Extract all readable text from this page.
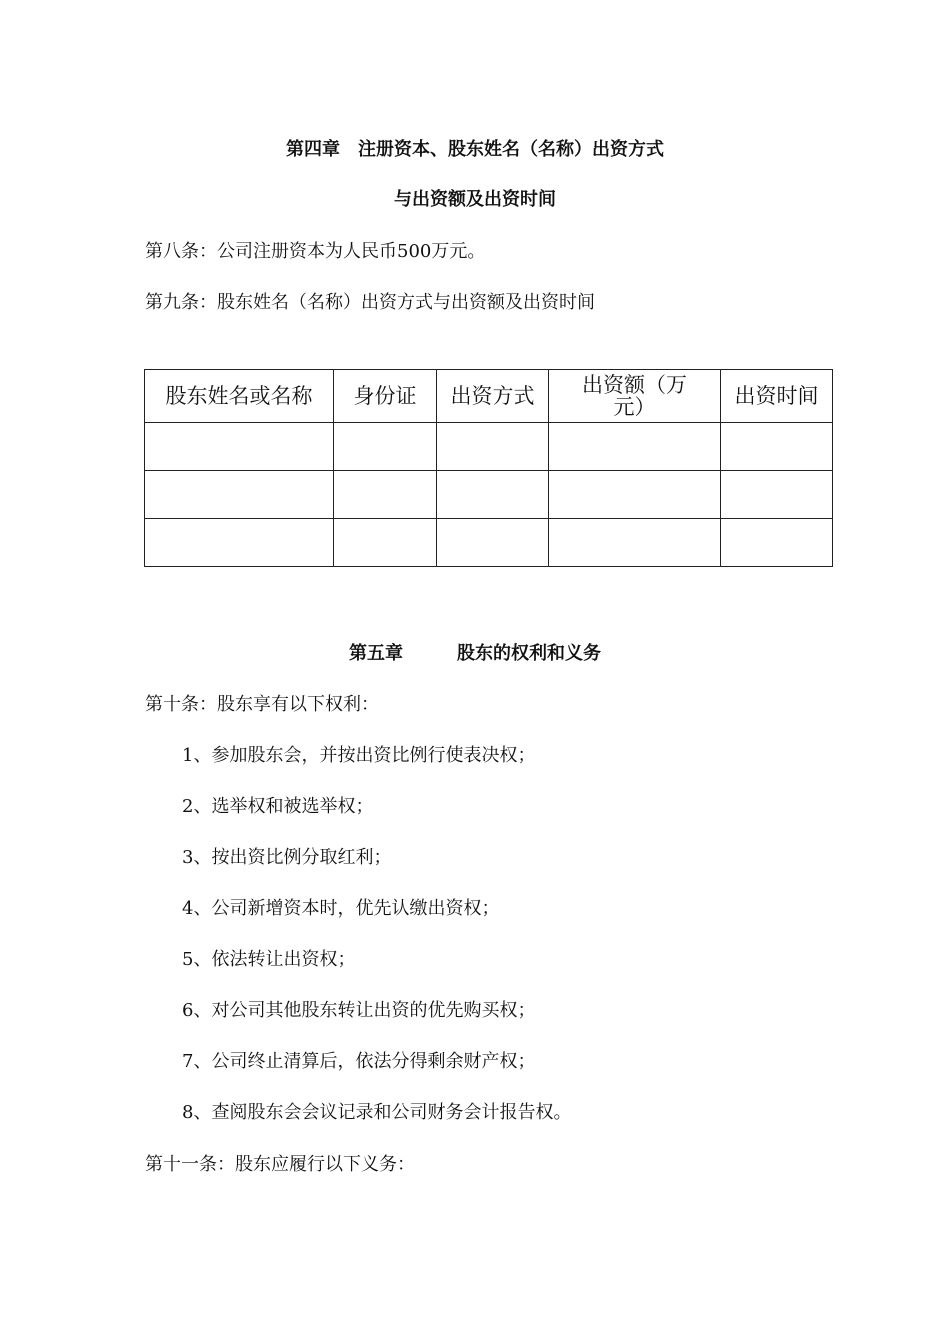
第四章　注册资本、股东姓名（名称）出资方式
与出资额及出资时间
第八条：公司注册资本为人民币500万元。
第九条：股东姓名（名称）出资方式与出资额及出资时间
股东姓名或名称	身份证	出资方式	出资额（万元）	出资时间

第五章　　　股东的权利和义务
第十条：股东享有以下权利：
1、参加股东会，并按出资比例行使表决权；
2、选举权和被选举权；
3、按出资比例分取红利；
4、公司新增资本时，优先认缴出资权；
5、依法转让出资权；
6、对公司其他股东转让出资的优先购买权；
7、公司终止清算后，依法分得剩余财产权；
8、查阅股东会会议记录和公司财务会计报告权。
第十一条：股东应履行以下义务：
